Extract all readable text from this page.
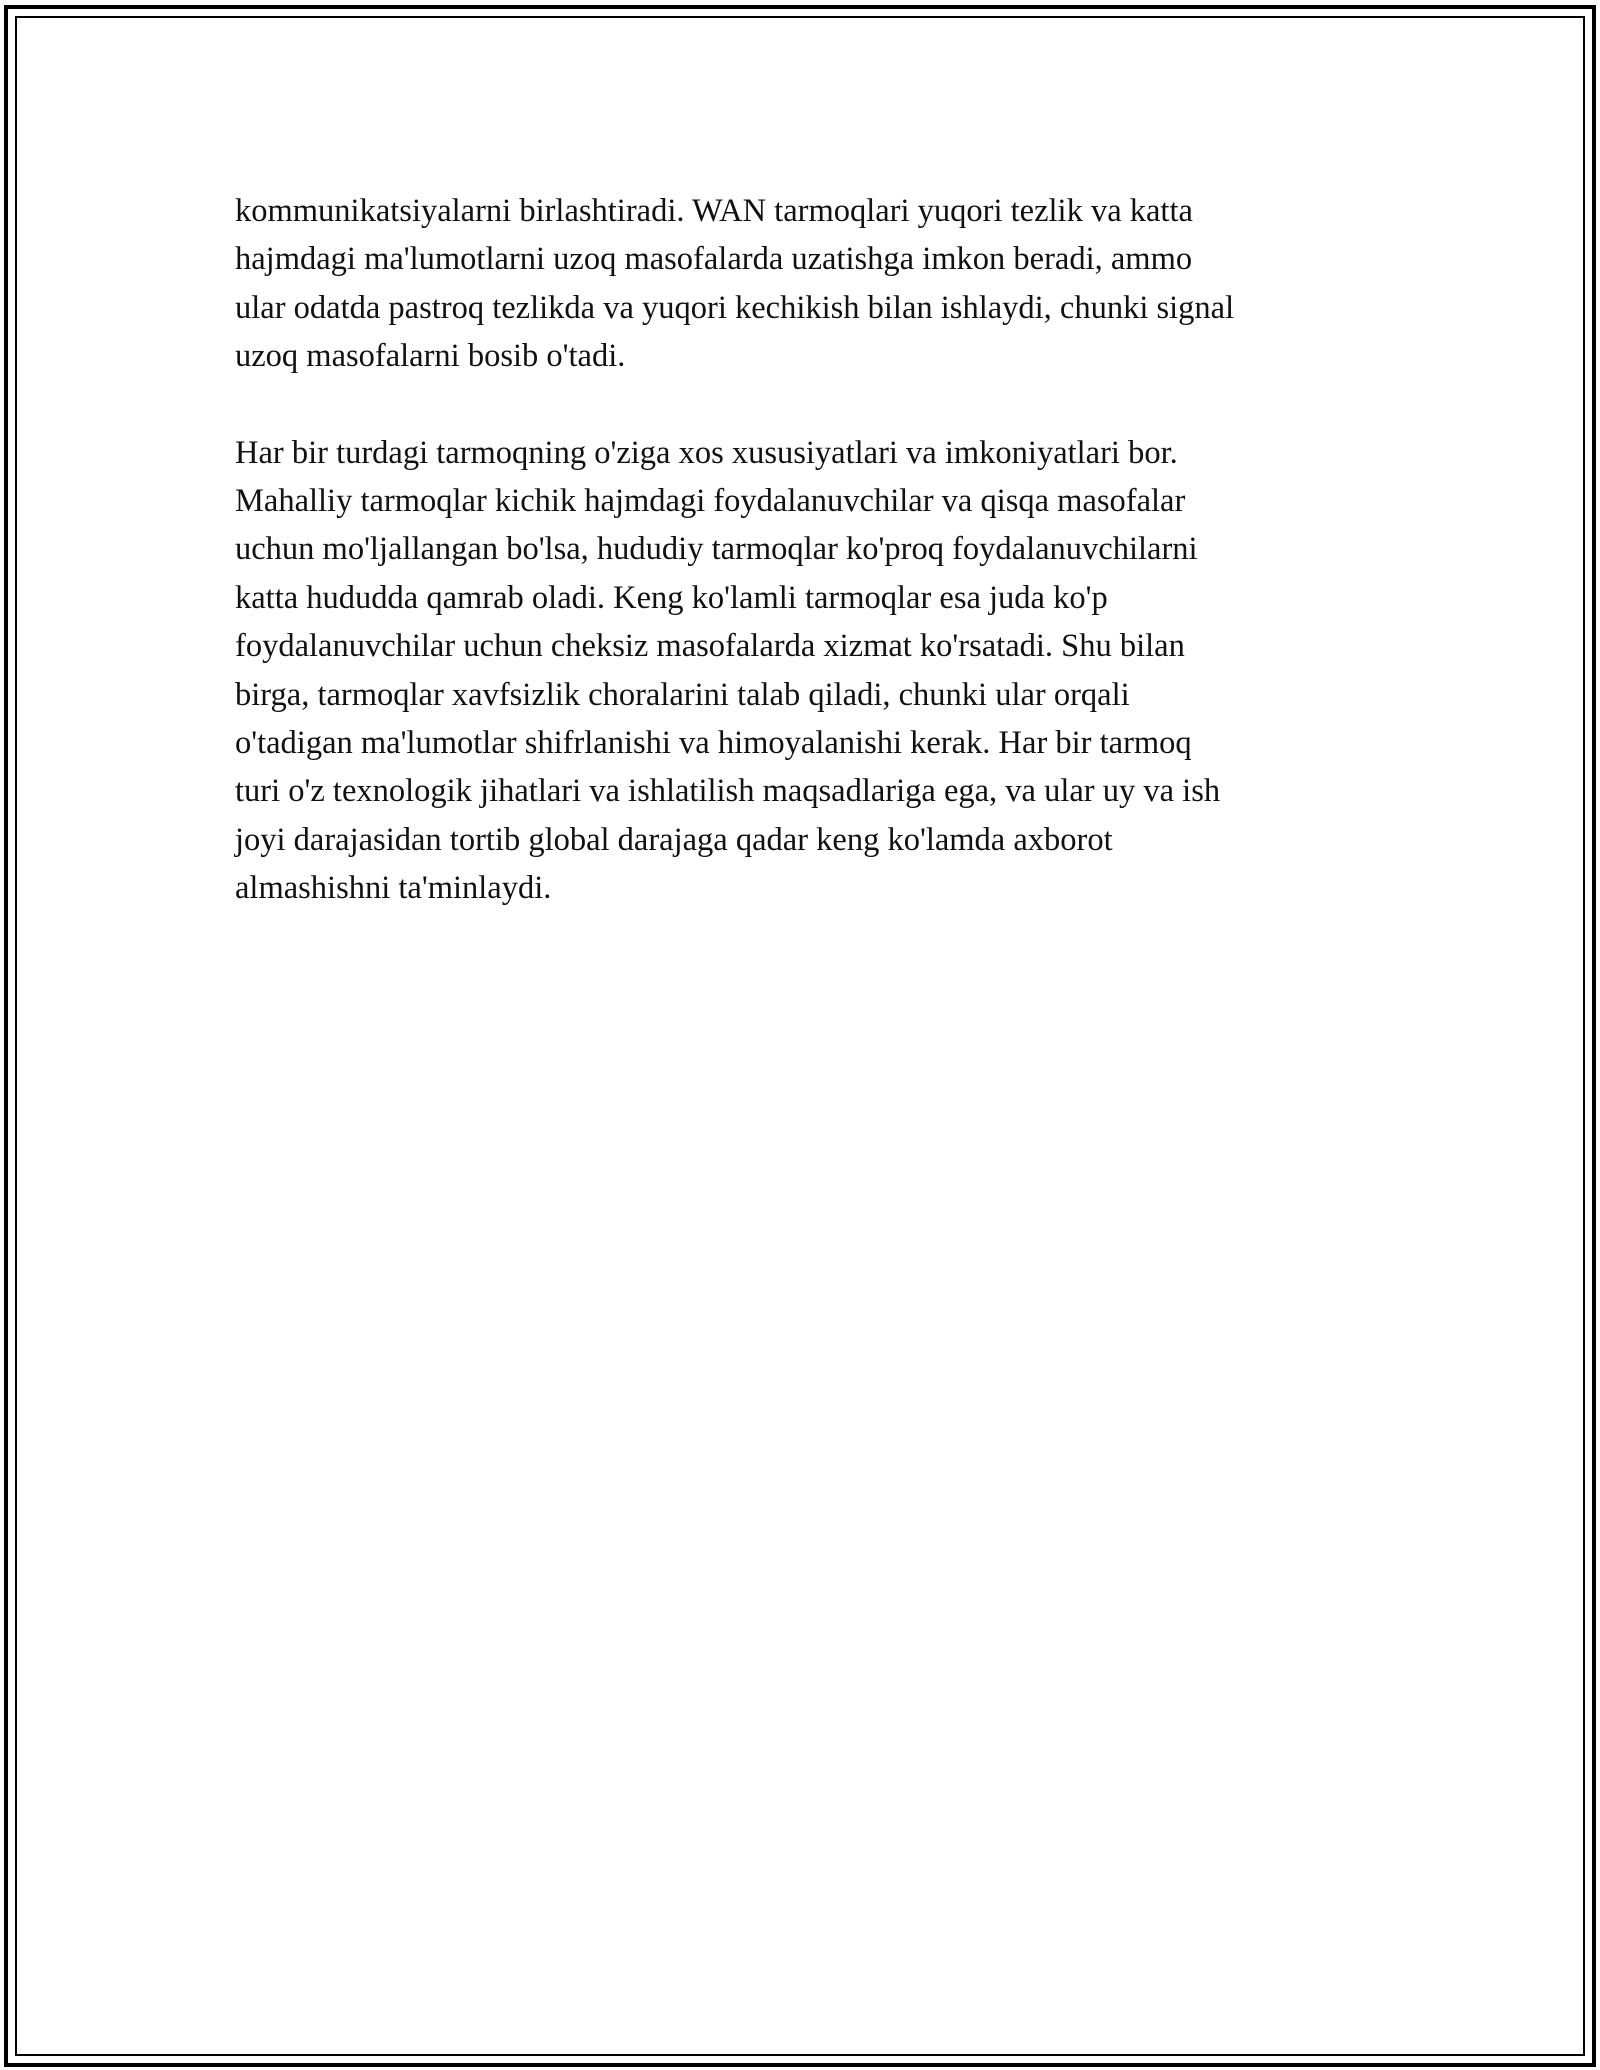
kommunikatsiyalarni birlashtiradi. WAN tarmoqlari yuqori tezlik va katta
hajmdagi ma'lumotlarni uzoq masofalarda uzatishga imkon beradi, ammo
ular odatda pastroq tezlikda va yuqori kechikish bilan ishlaydi, chunki signal
uzoq masofalarni bosib o'tadi.

Har bir turdagi tarmoqning o'ziga xos xususiyatlari va imkoniyatlari bor.
Mahalliy tarmoqlar kichik hajmdagi foydalanuvchilar va qisqa masofalar
uchun mo'ljallangan bo'lsa, hududiy tarmoqlar ko'proq foydalanuvchilarni
katta hududda qamrab oladi. Keng ko'lamli tarmoqlar esa juda ko'p
foydalanuvchilar uchun cheksiz masofalarda xizmat ko'rsatadi. Shu bilan
birga, tarmoqlar xavfsizlik choralarini talab qiladi, chunki ular orqali
o'tadigan ma'lumotlar shifrlanishi va himoyalanishi kerak. Har bir tarmoq
turi o'z texnologik jihatlari va ishlatilish maqsadlariga ega, va ular uy va ish
joyi darajasidan tortib global darajaga qadar keng ko'lamda axborot
almashishni ta'minlaydi.
